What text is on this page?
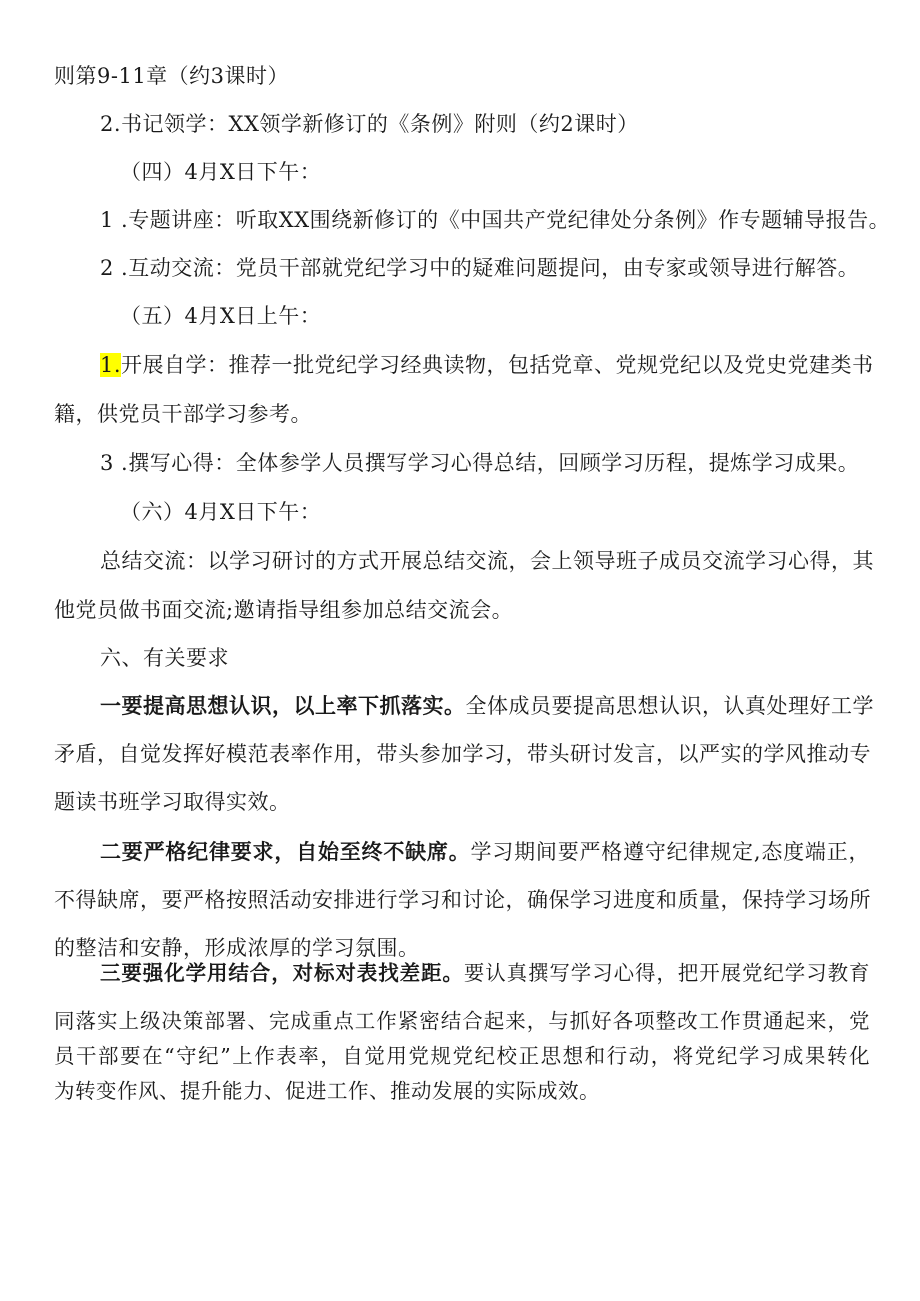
则第9-11章（约3课时）

2.书记领学：XX领学新修订的《条例》附则（约2课时）

（四）4月X日下午：

1 .专题讲座：听取XX围绕新修订的《中国共产党纪律处分条例》作专题辅导报告。

2 .互动交流：党员干部就党纪学习中的疑难问题提问，由专家或领导进行解答。

（五）4月X日上午：

1.开展自学：推荐一批党纪学习经典读物，包括党章、党规党纪以及党史党建类书

籍，供党员干部学习参考。

3 .撰写心得：全体参学人员撰写学习心得总结，回顾学习历程，提炼学习成果。

（六）4月X日下午：

总结交流：以学习研讨的方式开展总结交流，会上领导班子成员交流学习心得，其

他党员做书面交流;邀请指导组参加总结交流会。

六、有关要求

一要提高思想认识，以上率下抓落实。全体成员要提高思想认识，认真处理好工学

矛盾，自觉发挥好模范表率作用，带头参加学习，带头研讨发言，以严实的学风推动专

题读书班学习取得实效。

二要严格纪律要求，自始至终不缺席。学习期间要严格遵守纪律规定,态度端正，

不得缺席，要严格按照活动安排进行学习和讨论，确保学习进度和质量，保持学习场所

的整洁和安静，形成浓厚的学习氛围。

三要强化学用结合，对标对表找差距。要认真撰写学习心得，把开展党纪学习教育

同落实上级决策部署、完成重点工作紧密结合起来，与抓好各项整改工作贯通起来，党

员干部要在“守纪”上作表率，自觉用党规党纪校正思想和行动，将党纪学习成果转化

为转变作风、提升能力、促进工作、推动发展的实际成效。
